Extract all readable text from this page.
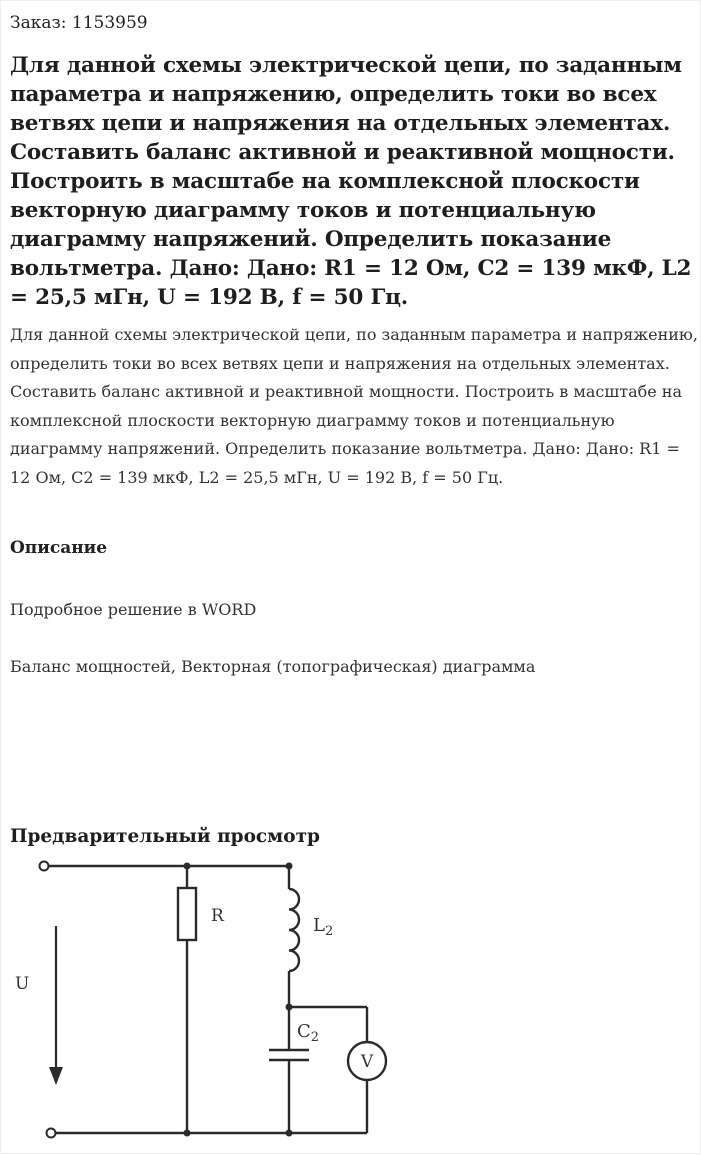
Заказ: 1153959
Для данной схемы электрической цепи, по заданным параметра и напряжению, определить токи во всех ветвях цепи и напряжения на отдельных элементах. Составить баланс активной и реактивной мощности. Построить в масштабе на комплексной плоскости векторную диаграмму токов и потенциальную диаграмму напряжений. Определить показание вольтметра. Дано: Дано: R1 = 12 Ом, C2 = 139 мкФ, L2 = 25,5 мГн, U = 192 В, f = 50 Гц.
Для данной схемы электрической цепи, по заданным параметра и напряжению, определить токи во всех ветвях цепи и напряжения на отдельных элементах. Составить баланс активной и реактивной мощности. Построить в масштабе на комплексной плоскости векторную диаграмму токов и потенциальную диаграмму напряжений. Определить показание вольтметра. Дано: Дано: R1 = 12 Ом, C2 = 139 мкФ, L2 = 25,5 мГн, U = 192 В, f = 50 Гц.
Описание
Подробное решение в WORD
Баланс мощностей, Векторная (топографическая) диаграмма
Предварительный просмотр
V
U
R	$L_2$
$C_2$
